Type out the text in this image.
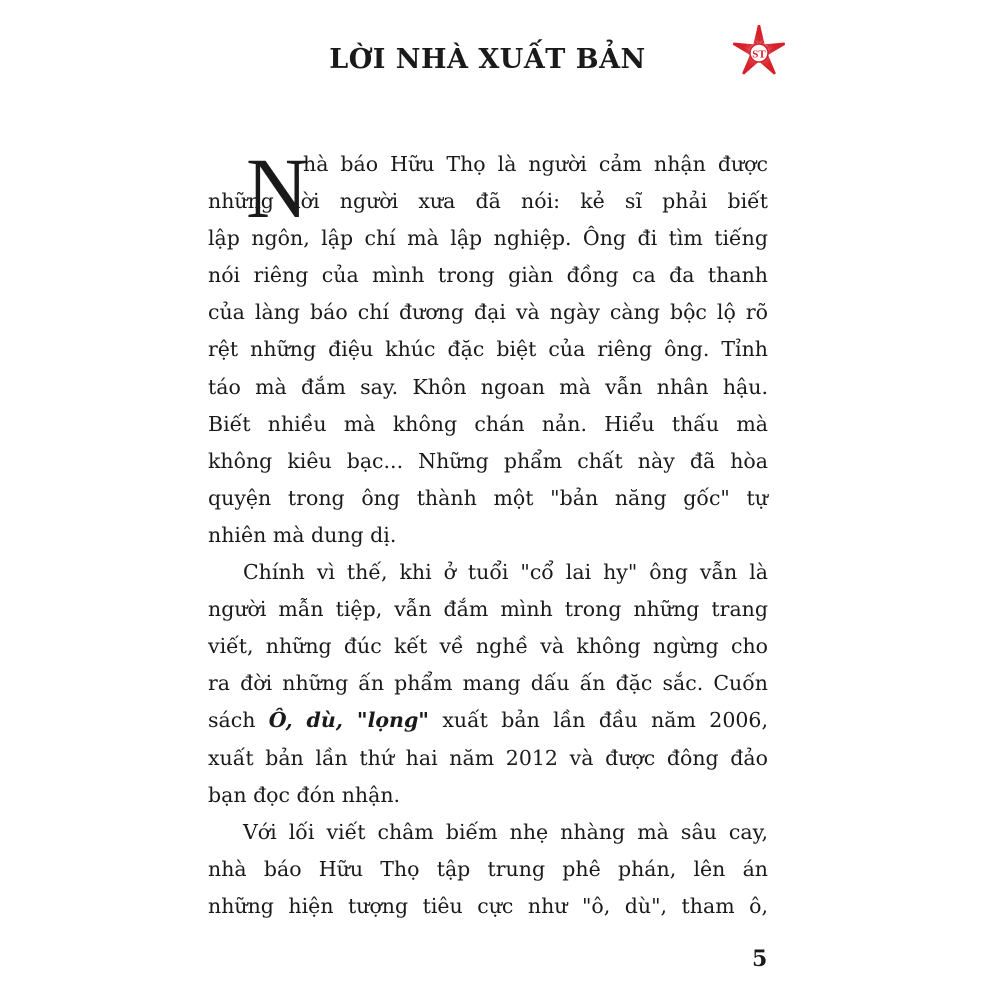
LỜI NHÀ XUẤT BẢN	ST
N
hà báo Hữu Thọ là người cảm nhận được
những lời người xưa đã nói: kẻ sĩ phải biết
lập ngôn, lập chí mà lập nghiệp. Ông đi tìm tiếng
nói riêng của mình trong giàn đồng ca đa thanh
của làng báo chí đương đại và ngày càng bộc lộ rõ
rệt những điệu khúc đặc biệt của riêng ông. Tỉnh
táo mà đắm say. Khôn ngoan mà vẫn nhân hậu.
Biết nhiều mà không chán nản. Hiểu thấu mà
không kiêu bạc... Những phẩm chất này đã hòa
quyện trong ông thành một "bản năng gốc" tự
nhiên mà dung dị.
Chính vì thế, khi ở tuổi "cổ lai hy" ông vẫn là
người mẫn tiệp, vẫn đắm mình trong những trang
viết, những đúc kết về nghề và không ngừng cho
ra đời những ấn phẩm mang dấu ấn đặc sắc. Cuốn
sách Ô, dù, "lọng" xuất bản lần đầu năm 2006,
xuất bản lần thứ hai năm 2012 và được đông đảo
bạn đọc đón nhận.
Với lối viết châm biếm nhẹ nhàng mà sâu cay,
nhà báo Hữu Thọ tập trung phê phán, lên án
những hiện tượng tiêu cực như "ô, dù", tham ô,
5
